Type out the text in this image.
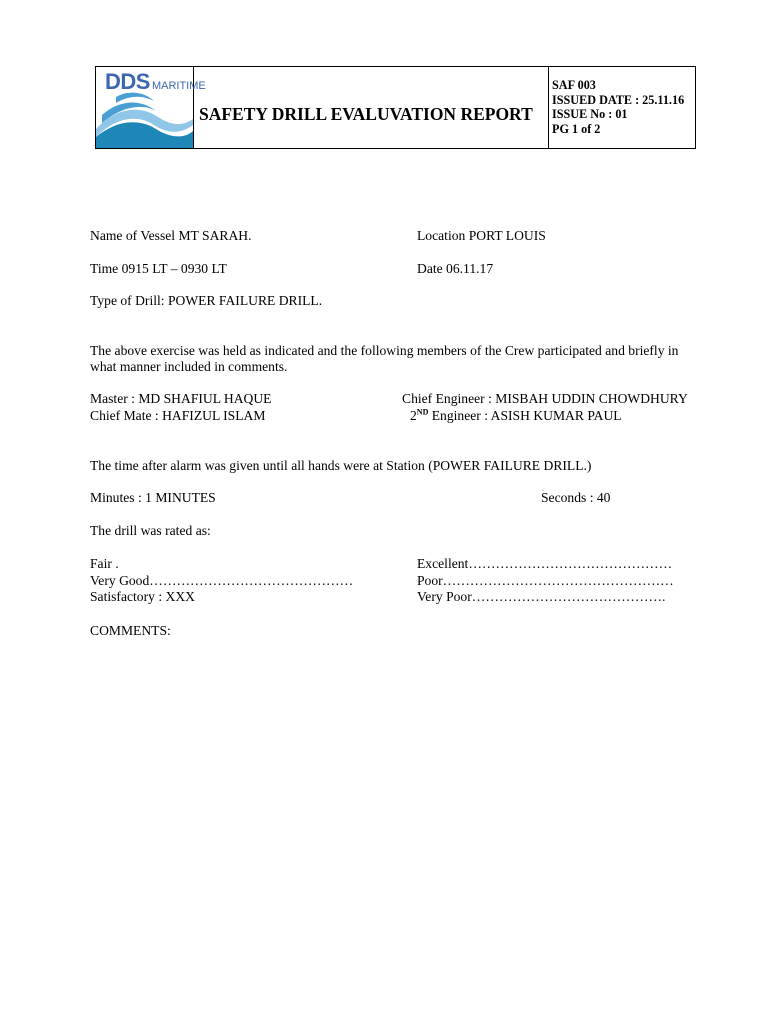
DDS MARITIME
SAFETY DRILL EVALUVATION REPORT
SAF 003
ISSUED DATE : 25.11.16
ISSUE No : 01
PG 1 of 2
Name of Vessel MT SARAH.	Location PORT LOUIS
Time 0915 LT – 0930 LT	Date 06.11.17
Type of Drill: POWER FAILURE DRILL.
The above exercise was held as indicated and the following members of the Crew participated and briefly in what manner included in comments.
Master : MD SHAFIUL HAQUE	Chief Engineer : MISBAH UDDIN CHOWDHURY
Chief Mate : HAFIZUL ISLAM	2ND Engineer : ASISH KUMAR PAUL
The time after alarm was given until all hands were at Station (POWER FAILURE DRILL.)
Minutes : 1 MINUTES	Seconds : 40
The drill was rated as:
Fair .	Excellent………………………………………
Very Good………………………………………	Poor……………………………………………
Satisfactory : XXX	Very Poor…………………………………….
COMMENTS:
